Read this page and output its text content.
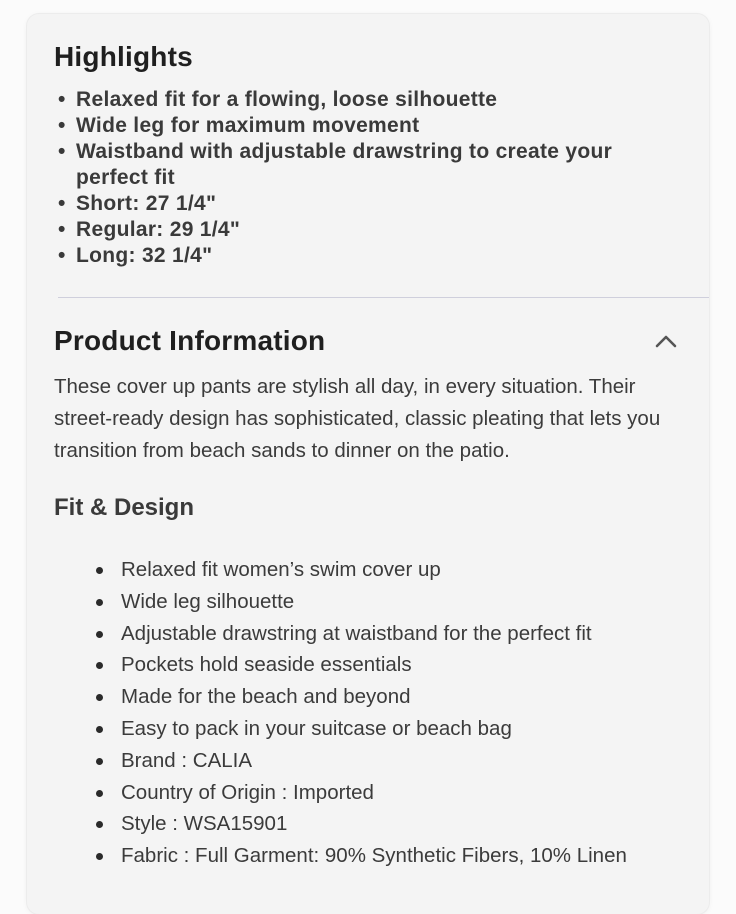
Highlights
• Relaxed fit for a flowing, loose silhouette
• Wide leg for maximum movement
• Waistband with adjustable drawstring to create your perfect fit
• Short: 27 1/4"
• Regular: 29 1/4"
• Long: 32 1/4"
Product Information

These cover up pants are stylish all day, in every situation. Their street-ready design has sophisticated, classic pleating that lets you transition from beach sands to dinner on the patio.

Fit & Design
Relaxed fit women’s swim cover up
Wide leg silhouette
Adjustable drawstring at waistband for the perfect fit
Pockets hold seaside essentials
Made for the beach and beyond
Easy to pack in your suitcase or beach bag
Brand : CALIA
Country of Origin : Imported
Style : WSA15901
Fabric : Full Garment: 90% Synthetic Fibers, 10% Linen
